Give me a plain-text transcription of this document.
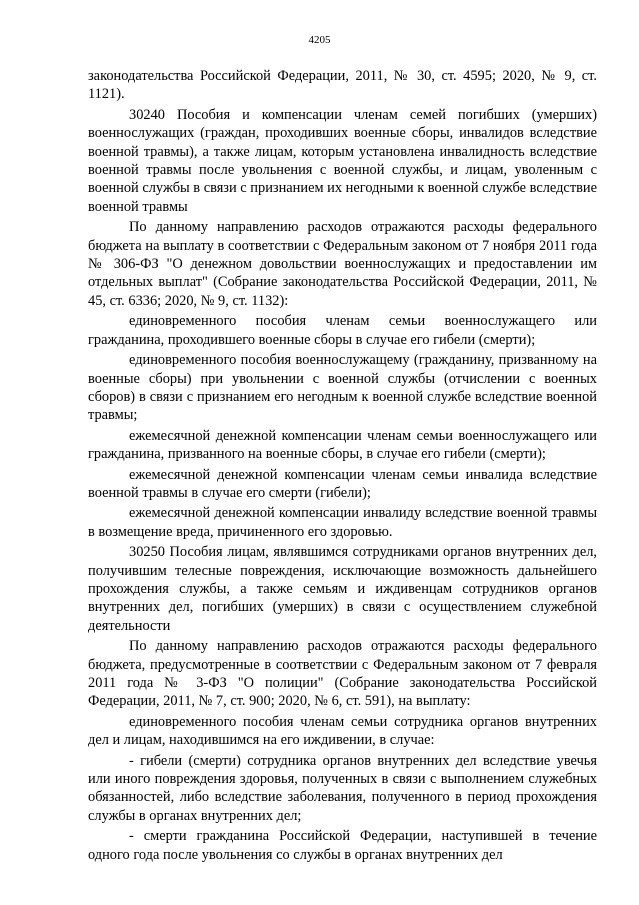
4205

законодательства Российской Федерации, 2011, № 30, ст. 4595; 2020, № 9, ст. 1121).

30240 Пособия и компенсации членам семей погибших (умерших) военнослужащих (граждан, проходивших военные сборы, инвалидов вследствие военной травмы), а также лицам, которым установлена инвалидность вследствие военной травмы после увольнения с военной службы, и лицам, уволенным с военной службы в связи с признанием их негодными к военной службе вследствие военной травмы

По данному направлению расходов отражаются расходы федерального бюджета на выплату в соответствии с Федеральным законом от 7 ноября 2011 года № 306-ФЗ "О денежном довольствии военнослужащих и предоставлении им отдельных выплат" (Собрание законодательства Российской Федерации, 2011, № 45, ст. 6336; 2020, № 9, ст. 1132):

единовременного пособия членам семьи военнослужащего или гражданина, проходившего военные сборы в случае его гибели (смерти);

единовременного пособия военнослужащему (гражданину, призванному на военные сборы) при увольнении с военной службы (отчислении с военных сборов) в связи с признанием его негодным к военной службе вследствие военной травмы;

ежемесячной денежной компенсации членам семьи военнослужащего или гражданина, призванного на военные сборы, в случае его гибели (смерти);

ежемесячной денежной компенсации членам семьи инвалида вследствие военной травмы в случае его смерти (гибели);

ежемесячной денежной компенсации инвалиду вследствие военной травмы в возмещение вреда, причиненного его здоровью.

30250 Пособия лицам, являвшимся сотрудниками органов внутренних дел, получившим телесные повреждения, исключающие возможность дальнейшего прохождения службы, а также семьям и иждивенцам сотрудников органов внутренних дел, погибших (умерших) в связи с осуществлением служебной деятельности

По данному направлению расходов отражаются расходы федерального бюджета, предусмотренные в соответствии с Федеральным законом от 7 февраля 2011 года № 3-ФЗ "О полиции" (Собрание законодательства Российской Федерации, 2011, № 7, ст. 900; 2020, № 6, ст. 591), на выплату:

единовременного пособия членам семьи сотрудника органов внутренних дел и лицам, находившимся на его иждивении, в случае:

- гибели (смерти) сотрудника органов внутренних дел вследствие увечья или иного повреждения здоровья, полученных в связи с выполнением служебных обязанностей, либо вследствие заболевания, полученного в период прохождения службы в органах внутренних дел;

- смерти гражданина Российской Федерации, наступившей в течение одного года после увольнения со службы в органах внутренних дел
